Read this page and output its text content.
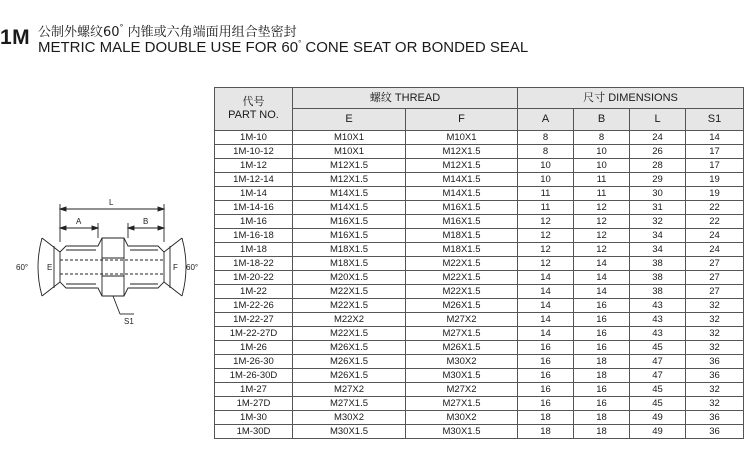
1M 公制外螺纹60° 内锥或六角端面用组合垫密封
METRIC MALE DOUBLE USE FOR 60° CONE SEAT OR BONDED SEAL
L
A	B
E	F
S1
60°	60°
代号
PART NO.	螺纹 THREAD		尺寸 DIMENSIONS			
	E	F	A	B	L	S1
1M-10	M10X1	M10X1	8	8	24	14
1M-10-12	M10X1	M12X1.5	8	10	26	17
1M-12	M12X1.5	M12X1.5	10	10	28	17
1M-12-14	M12X1.5	M14X1.5	10	11	29	19
1M-14	M14X1.5	M14X1.5	11	11	30	19
1M-14-16	M14X1.5	M16X1.5	11	12	31	22
1M-16	M16X1.5	M16X1.5	12	12	32	22
1M-16-18	M16X1.5	M18X1.5	12	12	34	24
1M-18	M18X1.5	M18X1.5	12	12	34	24
1M-18-22	M18X1.5	M22X1.5	12	14	38	27
1M-20-22	M20X1.5	M22X1.5	14	14	38	27
1M-22	M22X1.5	M22X1.5	14	14	38	27
1M-22-26	M22X1.5	M26X1.5	14	16	43	32
1M-22-27	M22X2	M27X2	14	16	43	32
1M-22-27D	M22X1.5	M27X1.5	14	16	43	32
1M-26	M26X1.5	M26X1.5	16	16	45	32
1M-26-30	M26X1.5	M30X2	16	18	47	36
1M-26-30D	M26X1.5	M30X1.5	16	18	47	36
1M-27	M27X2	M27X2	16	16	45	32
1M-27D	M27X1.5	M27X1.5	16	16	45	32
1M-30	M30X2	M30X2	18	18	49	36
1M-30D	M30X1.5	M30X1.5	18	18	49	36
